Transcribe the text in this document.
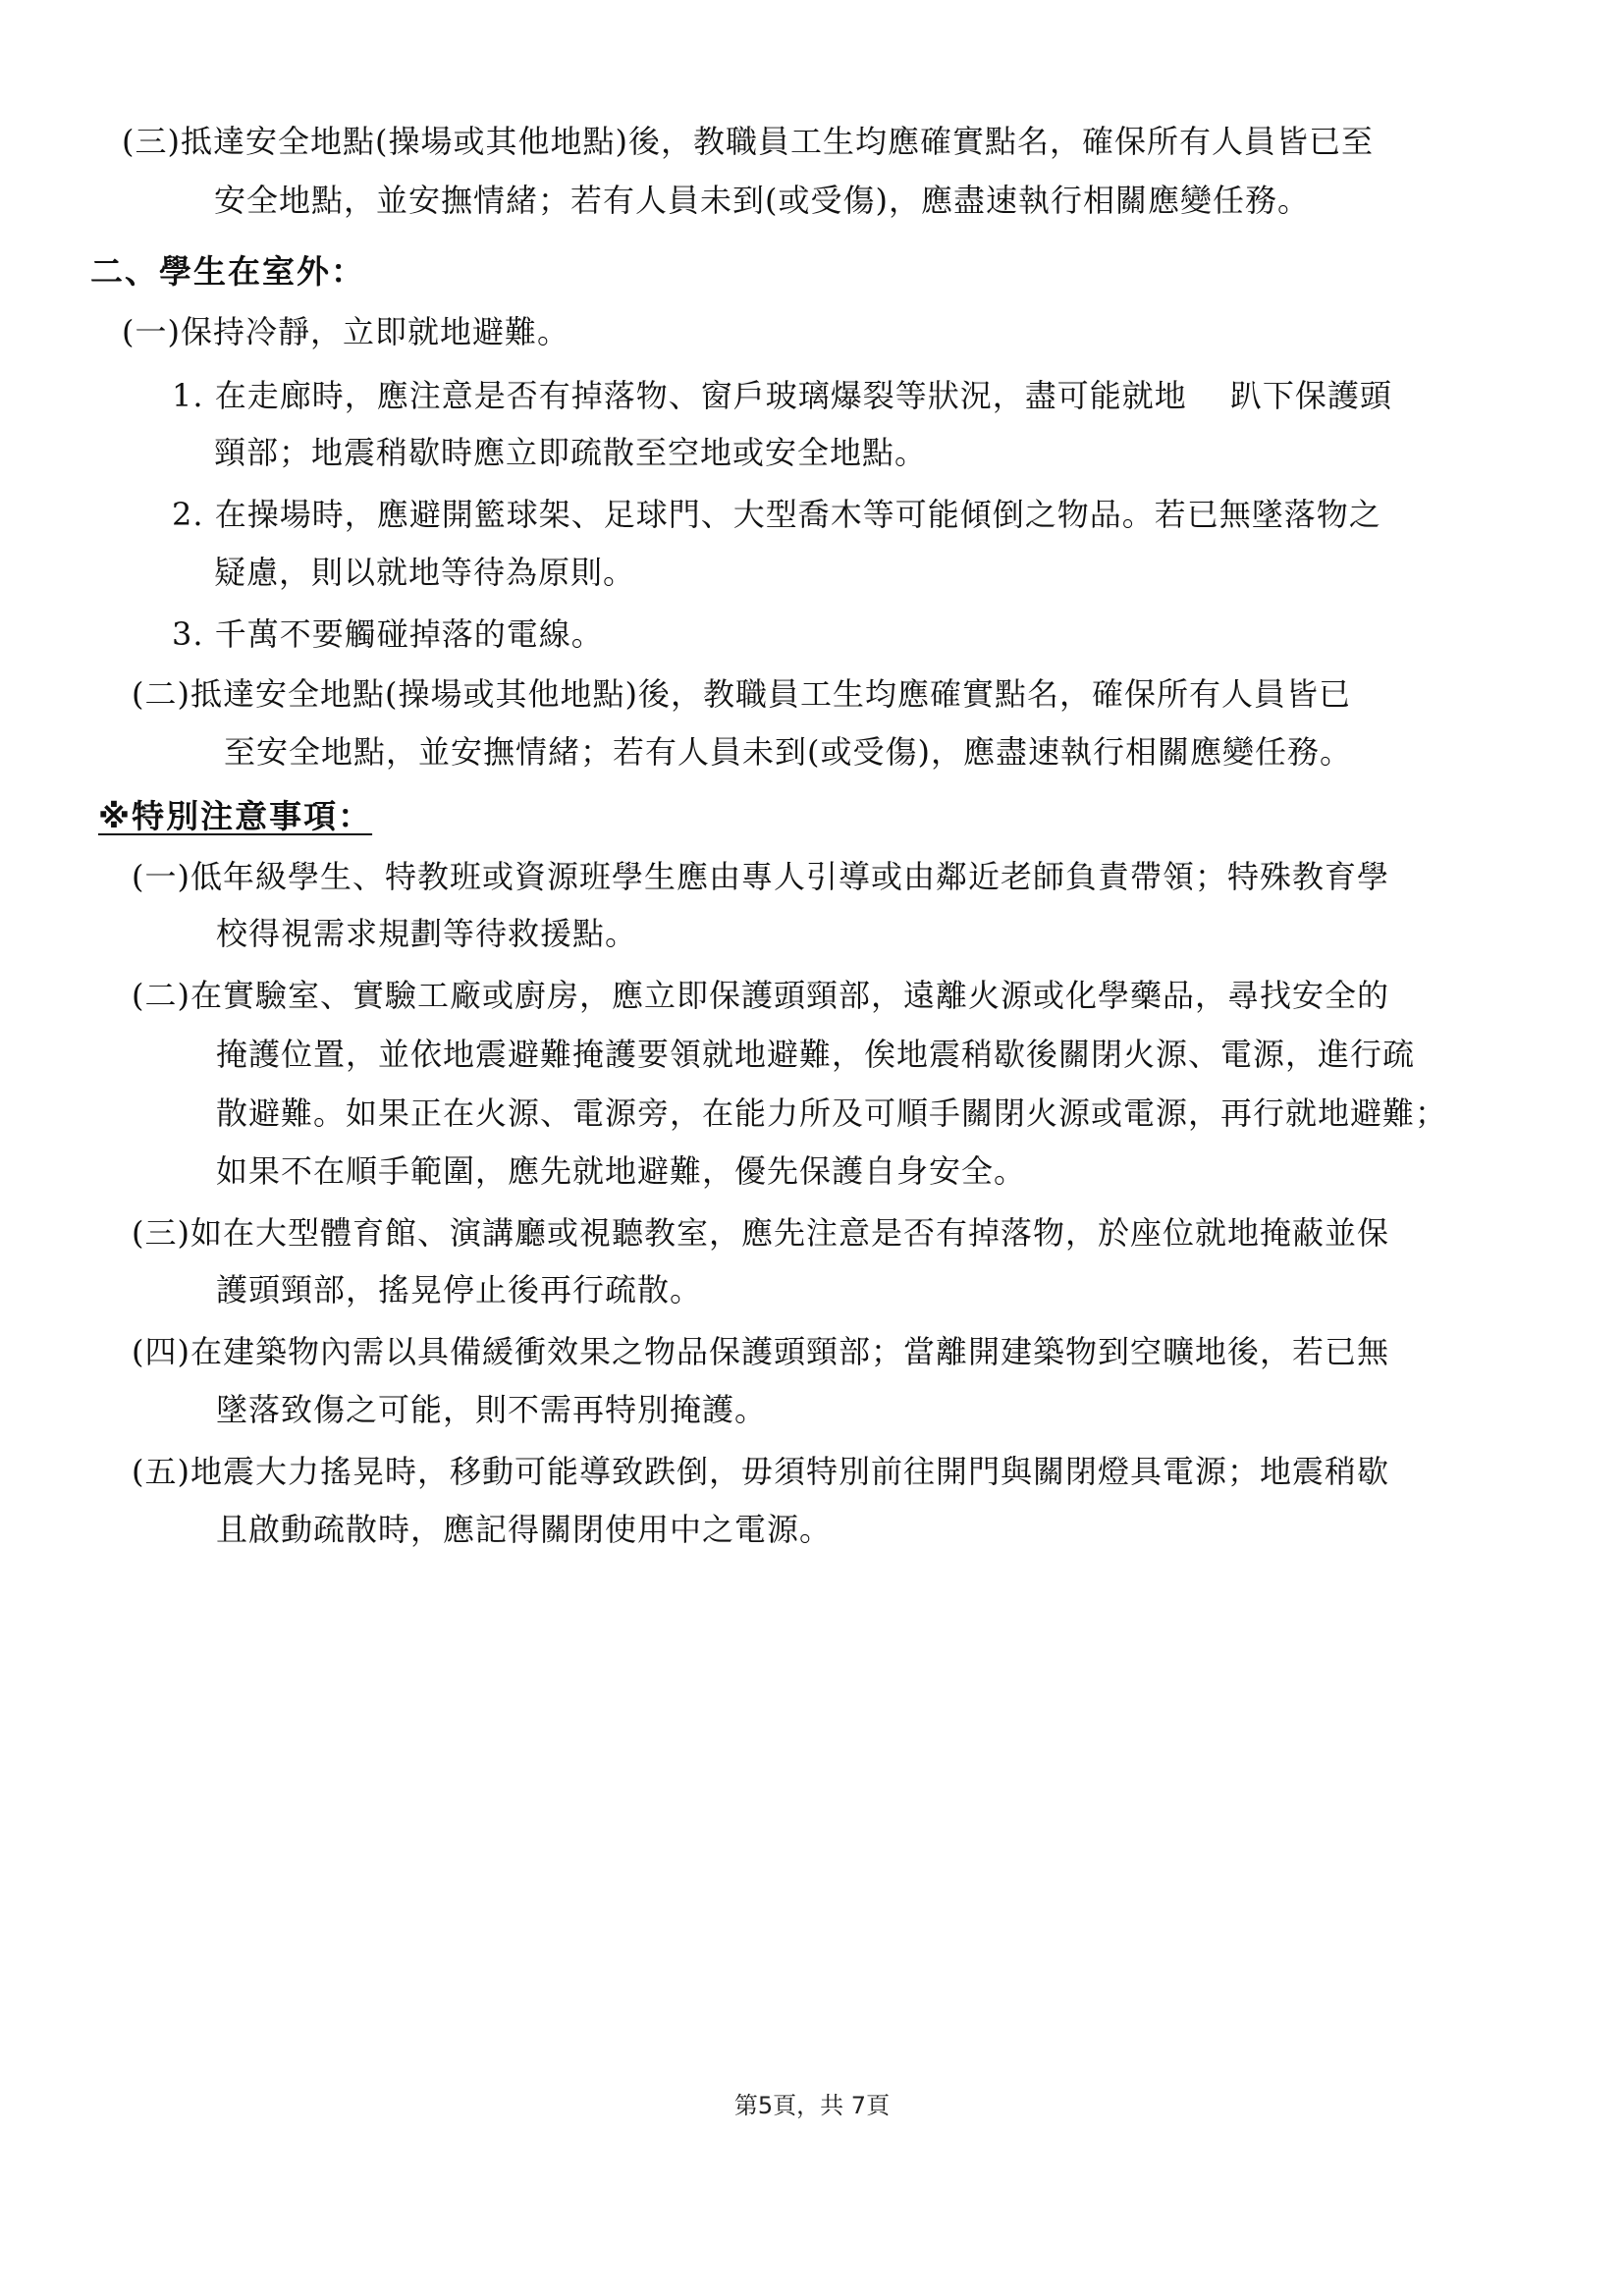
(三)抵達安全地點(操場或其他地點)後，教職員工生均應確實點名，確保所有人員皆已至
安全地點，並安撫情緒；若有人員未到(或受傷)，應盡速執行相關應變任務。
二、學生在室外：
(一)保持冷靜，立即就地避難。
1. 在走廊時，應注意是否有掉落物、窗戶玻璃爆裂等狀況，盡可能就地　 趴下保護頭
頸部；地震稍歇時應立即疏散至空地或安全地點。
2. 在操場時，應避開籃球架、足球門、大型喬木等可能傾倒之物品。若已無墜落物之
疑慮，則以就地等待為原則。
3. 千萬不要觸碰掉落的電線。
(二)抵達安全地點(操場或其他地點)後，教職員工生均應確實點名，確保所有人員皆已
至安全地點，並安撫情緒；若有人員未到(或受傷)，應盡速執行相關應變任務。
※特別注意事項：
(一)低年級學生、特教班或資源班學生應由專人引導或由鄰近老師負責帶領；特殊教育學
校得視需求規劃等待救援點。
(二)在實驗室、實驗工廠或廚房，應立即保護頭頸部，遠離火源或化學藥品，尋找安全的
掩護位置，並依地震避難掩護要領就地避難，俟地震稍歇後關閉火源、電源，進行疏
散避難。如果正在火源、電源旁，在能力所及可順手關閉火源或電源，再行就地避難；
如果不在順手範圍，應先就地避難，優先保護自身安全。
(三)如在大型體育館、演講廳或視聽教室，應先注意是否有掉落物，於座位就地掩蔽並保
護頭頸部，搖晃停止後再行疏散。
(四)在建築物內需以具備緩衝效果之物品保護頭頸部；當離開建築物到空曠地後，若已無
墜落致傷之可能，則不需再特別掩護。
(五)地震大力搖晃時，移動可能導致跌倒，毋須特別前往開門與關閉燈具電源；地震稍歇
且啟動疏散時，應記得關閉使用中之電源。
第5頁，共 7頁
